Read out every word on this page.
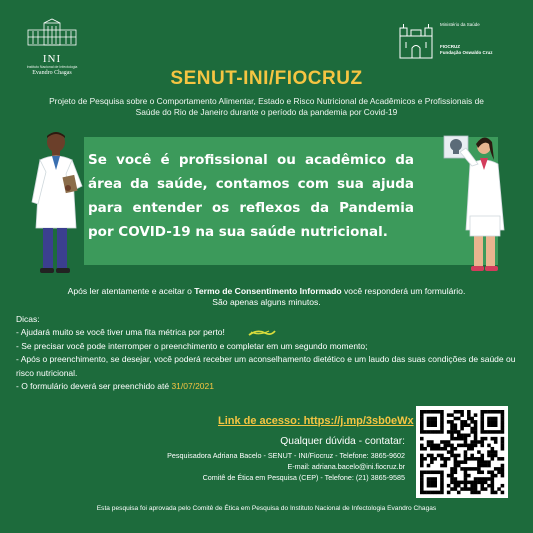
INI
Instituto Nacional de Infectologia
Evandro Chagas
Ministério da Saúde
FIOCRUZ
Fundação Oswaldo Cruz
SENUT-INI/FIOCRUZ
Projeto de Pesquisa sobre o Comportamento Alimentar, Estado e Risco Nutricional de Acadêmicos e Profissionais de Saúde do Rio de Janeiro durante o período da pandemia por Covid-19
Se você é profissional ou acadêmico da área da saúde, contamos com sua ajuda para entender os reflexos da Pandemia por COVID-19 na sua saúde nutricional.
Após ler atentamente e aceitar o Termo de Consentimento Informado você responderá um formulário.
São apenas alguns minutos.
Dicas:
- Ajudará muito se você tiver uma fita métrica por perto!
- Se precisar você pode interromper o preenchimento e completar em um segundo momento;
- Após o preenchimento, se desejar, você poderá receber um aconselhamento dietético e um laudo das suas condições de saúde ou risco nutricional.
- O formulário deverá ser preenchido até 31/07/2021
Link de acesso: https://j.mp/3sb0eWx
Qualquer dúvida - contatar:
Pesquisadora Adriana Bacelo - SENUT - INI/Fiocruz - Telefone: 3865-9602
E-mail: adriana.bacelo@ini.fiocruz.br
Comitê de Ética em Pesquisa (CEP) - Telefone: (21) 3865-9585
Esta pesquisa foi aprovada pelo Comitê de Ética em Pesquisa do Instituto Nacional de Infectologia Evandro Chagas
